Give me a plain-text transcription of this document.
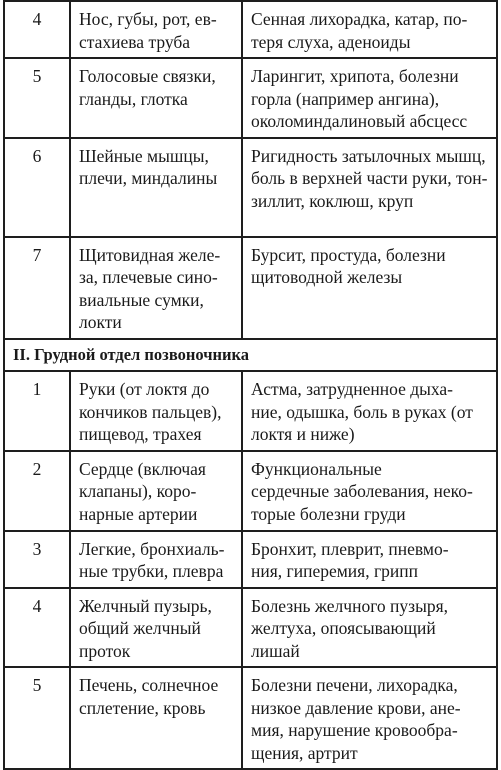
4	Нос, губы, рот, ев-
стахиева труба	Сенная лихорадка, катар, по-
теря слуха, аденоиды

5	Голосовые связки,
гланды, глотка	Ларингит, хрипота, болезни
горла (например ангина),
околоминдалиновый абсцесс

6	Шейные мышцы,
плечи, миндалины	Ригидность затылочных мышц,
боль в верхней части руки, тон-
зиллит, коклюш, круп

7	Щитовидная желе-
за, плечевые сино-
виальные сумки,
локти	Бурсит, простуда, болезни
щитоводной железы

II. Грудной отдел позвоночника		
1	Руки (от локтя до
кончиков пальцев),
пищевод, трахея	Астма, затрудненное дыха-
ние, одышка, боль в руках (от
локтя и ниже)

2	Сердце (включая
клапаны), коро-
нарные артерии	Функциональные
сердечные заболевания, неко-
торые болезни груди

3	Легкие, бронхиаль-
ные трубки, плевра	Бронхит, плеврит, пневмо-
ния, гиперемия, грипп

4	Желчный пузырь,
общий желчный
проток	Болезнь желчного пузыря,
желтуха, опоясывающий
лишай

5	Печень, солнечное
сплетение, кровь	Болезни печени, лихорадка,
низкое давление крови, ане-
мия, нарушение кровообра-
щения, артрит
